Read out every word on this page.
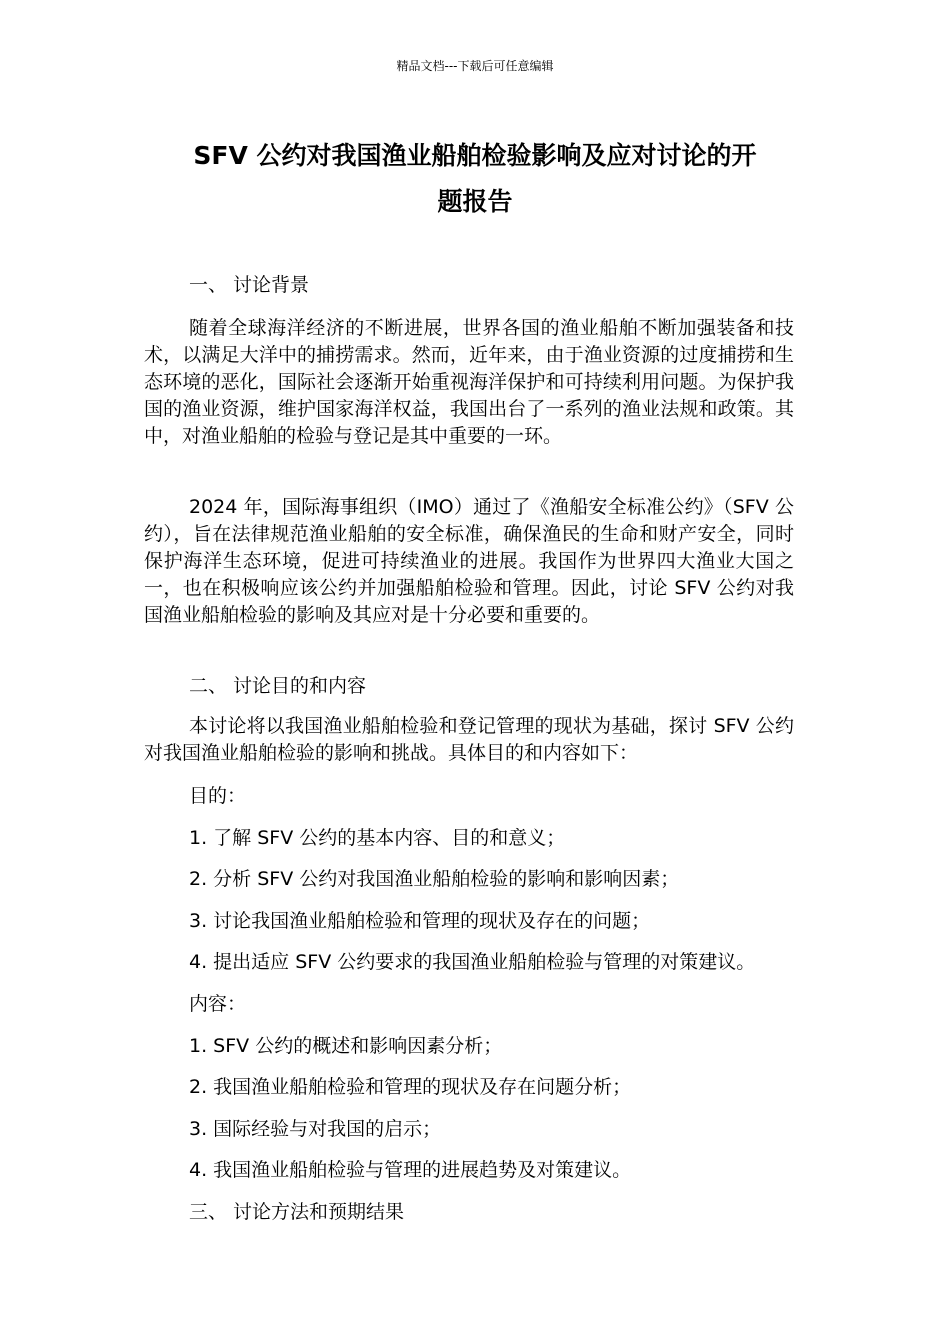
精品文档---下载后可任意编辑
SFV 公约对我国渔业船舶检验影响及应对讨论的开
题报告

一、 讨论背景

随着全球海洋经济的不断进展，世界各国的渔业船舶不断加强装备和技术，以满足大洋中的捕捞需求。然而，近年来，由于渔业资源的过度捕捞和生态环境的恶化，国际社会逐渐开始重视海洋保护和可持续利用问题。为保护我国的渔业资源，维护国家海洋权益，我国出台了一系列的渔业法规和政策。其中，对渔业船舶的检验与登记是其中重要的一环。

2024 年，国际海事组织（IMO）通过了《渔船安全标准公约》（SFV 公约），旨在法律规范渔业船舶的安全标准，确保渔民的生命和财产安全，同时保护海洋生态环境，促进可持续渔业的进展。我国作为世界四大渔业大国之一，也在积极响应该公约并加强船舶检验和管理。因此，讨论 SFV 公约对我国渔业船舶检验的影响及其应对是十分必要和重要的。

二、 讨论目的和内容

本讨论将以我国渔业船舶检验和登记管理的现状为基础，探讨 SFV 公约对我国渔业船舶检验的影响和挑战。具体目的和内容如下：

目的：

1. 了解 SFV 公约的基本内容、目的和意义；

2. 分析 SFV 公约对我国渔业船舶检验的影响和影响因素；

3. 讨论我国渔业船舶检验和管理的现状及存在的问题；

4. 提出适应 SFV 公约要求的我国渔业船舶检验与管理的对策建议。

内容：

1. SFV 公约的概述和影响因素分析；

2. 我国渔业船舶检验和管理的现状及存在问题分析；

3. 国际经验与对我国的启示；

4. 我国渔业船舶检验与管理的进展趋势及对策建议。

三、 讨论方法和预期结果
